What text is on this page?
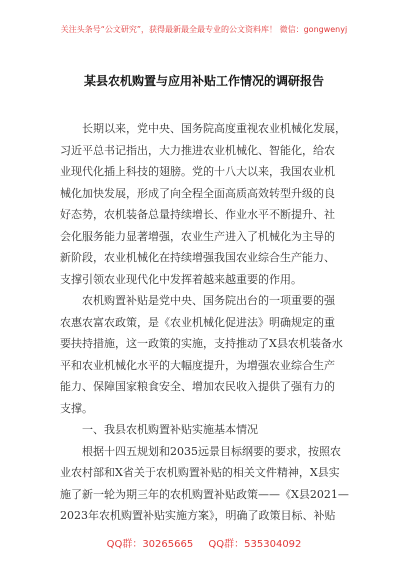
关注头条号“公文研究”，获得最新最全最专业的公文资料库！ 微信：gongwenyj
某县农机购置与应用补贴工作情况的调研报告
　　长期以来，党中央、国务院高度重视农业机械化发展，
习近平总书记指出，大力推进农业机械化、智能化，给农
业现代化插上科技的翅膀。党的十八大以来，我国农业机
械化加快发展，形成了向全程全面高质高效转型升级的良
好态势，农机装备总量持续增长、作业水平不断提升、社
会化服务能力显著增强，农业生产进入了机械化为主导的
新阶段，农业机械化在持续增强我国农业综合生产能力、
支撑引领农业现代化中发挥着越来越重要的作用。
　　农机购置补贴是党中央、国务院出台的一项重要的强
农惠农富农政策，是《农业机械化促进法》明确规定的重
要扶持措施，这一政策的实施，支持推动了X县农机装备水
平和农业机械化水平的大幅度提升，为增强农业综合生产
能力、保障国家粮食安全、增加农民收入提供了强有力的
支撑。
　　一、我县农机购置补贴实施基本情况
　　根据十四五规划和2035远景目标纲要的要求，按照农
业农村部和X省关于农机购置补贴的相关文件精神，X县实
施了新一轮为期三年的农机购置补贴政策——《X县2021—
2023年农机购置补贴实施方案》，明确了政策目标、补贴
QQ群：30265665 QQ群：535304092
